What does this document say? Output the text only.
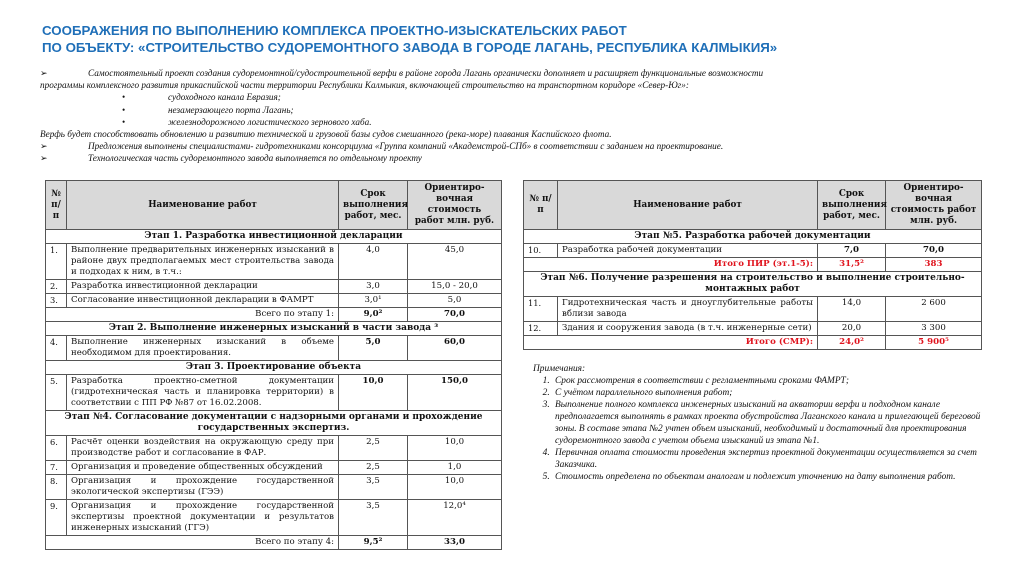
СООБРАЖЕНИЯ ПО ВЫПОЛНЕНИЮ КОМПЛЕКСА ПРОЕКТНО-ИЗЫСКАТЕЛЬСКИХ РАБОТ
ПО ОБЪЕКТУ: «СТРОИТЕЛЬСТВО СУДОРЕМОНТНОГО ЗАВОДА В ГОРОДЕ ЛАГАНЬ, РЕСПУБЛИКА КАЛМЫКИЯ»
➢	Самостоятельный проект создания судоремонтной/судостроительной верфи в районе города Лагань органически дополняет и расширяет функциональные возможности
программы комплексного развития прикаспийской части территории Республики Калмыкия, включающей строительство на транспортном коридоре «Север-Юг»:
•	судоходного канала Евразия;
•	незамерзающего порта Лагань;
•	железнодорожного логистического зернового хаба.
Верфь будет способствовать обновлению и развитию технической и грузовой базы судов смешанного (река-море) плавания Каспийского флота.
➢	Предложения выполнены специалистами- гидротехниками консорциума «Группа компаний «Академстрой-СПб» в соответствии с заданием на проектирование.
➢	Технологическая часть судоремонтного завода выполняется по отдельному проекту
№ п/п	Наименование работ	Срок выполнения работ, мес.	Ориентиро-вочная стоимость работ млн. руб.
Этап 1. Разработка инвестиционной декларации			
1.	Выполнение предварительных инженерных изысканий в районе двух предполагаемых мест строительства завода и подходах к ним, в т.ч.:	4,0	45,0
2.	Разработка инвестиционной декларации	3,0	15,0 - 20,0
3.	Согласование инвестиционной декларации в ФАМРТ	3,0¹	5,0
Всего по этапу 1:		9,0²	70,0
Этап 2. Выполнение инженерных изысканий в части завода ³			
4.	Выполнение инженерных изысканий в объеме необходимом для проектирования.	5,0	60,0
Этап 3. Проектирование объекта			
5.	Разработка проектно-сметной документации (гидротехническая часть и планировка территории) в соответствии с ПП РФ №87 от 16.02.2008.	10,0	150,0
Этап №4. Согласование документации с надзорными органами и прохождение государственных экспертиз.			
6.	Расчёт оценки воздействия на окружающую среду при производстве работ и согласование в ФАР.	2,5	10,0
7.	Организация и проведение общественных обсуждений	2,5	1,0
8.	Организация и прохождение государственной экологической экспертизы (ГЭЭ)	3,5	10,0
9.	Организация и прохождение государственной экспертизы проектной документации и результатов инженерных изысканий (ГГЭ)	3,5	12,0⁴
Всего по этапу 4:		9,5²	33,0
№ п/п	Наименование работ	Срок выполнения работ, мес.	Ориентиро-вочная стоимость работ млн. руб.
Этап №5. Разработка рабочей документации			
10.	Разработка рабочей документации	7,0	70,0
Итого ПИР (эт.1-5):		31,5²	383
Этап №6. Получение разрешения на строительство и выполнение строительно-монтажных работ			
11.	Гидротехническая часть и дноуглубительные работы вблизи завода	14,0	2 600
12.	Здания и сооружения завода (в т.ч. инженерные сети)	20,0	3 300
Итого (СМР):		24,0²	5 900⁵
Примечания:
1. Срок рассмотрения в соответствии с регламентными сроками ФАМРТ;
2. С учётом параллельного выполнения работ;
3. Выполнение полного комплекса инженерных изысканий на акватории верфи и подходном канале предполагается выполнять в рамках проекта обустройства Лаганского канала и прилегающей береговой зоны. В составе этапа №2 учтен объем изысканий, необходимый и достаточный для проектирования судоремонтного завода с учетом объема изысканий из этапа №1.
4. Первичная оплата стоимости проведения экспертиз проектной документации осуществляется за счет Заказчика.
5. Стоимость определена по объектам аналогам и подлежит уточнению на дату выполнения работ.
